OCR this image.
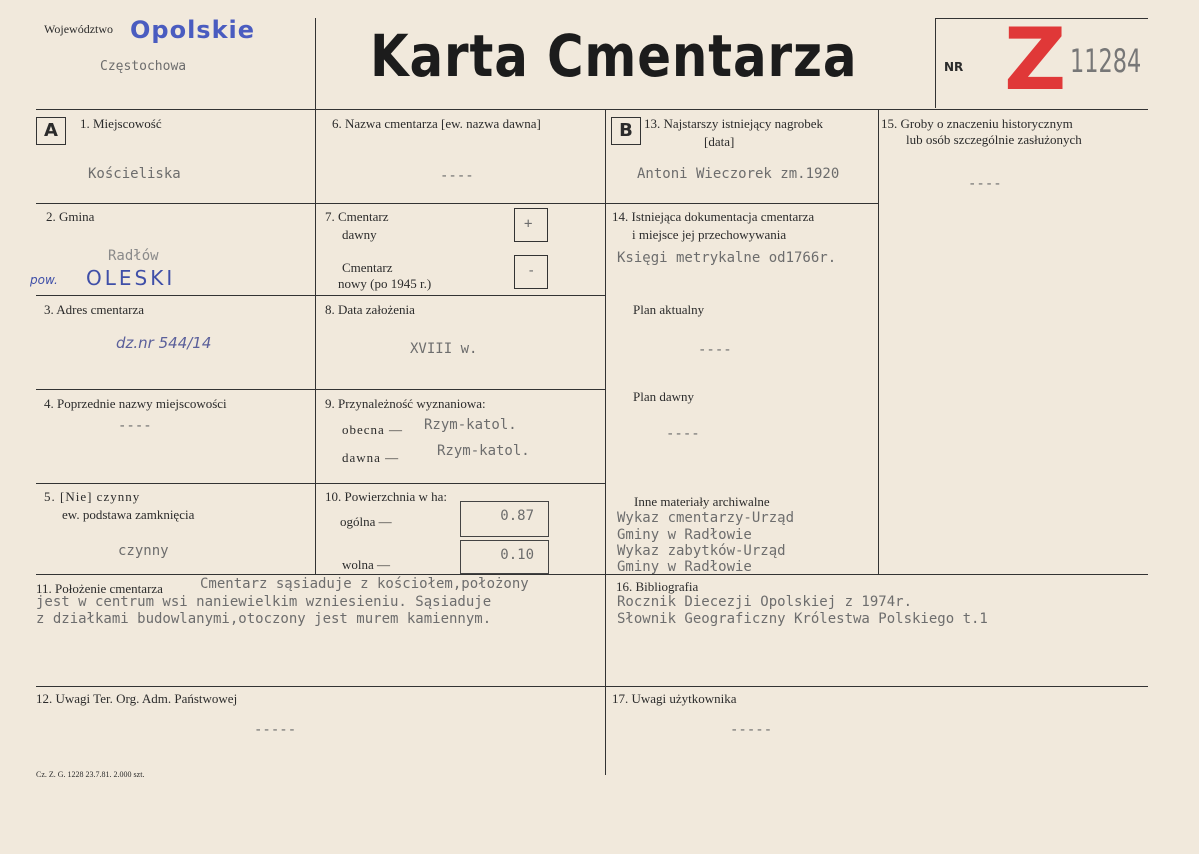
Województwo Opolskie
Częstochowa	Karta Cmentarza	NR Z 11284
A	B
1. Miejscowość
Kościeliska
2. Gmina
Radłów
pow. OLESKI
3. Adres cmentarza
dz.nr 544/14
4. Poprzednie nazwy miejscowości
----
5. [Nie] czynny
ew. podstawa zamknięcia
czynny
6. Nazwa cmentarza [ew. nazwa dawna]
----
7. Cmentarz
dawny
+
Cmentarz
nowy (po 1945 r.)
-
8. Data założenia
XVIII w.
9. Przynależność wyznaniowa:
obecna — Rzym-katol.
dawna —	Rzym-katol.
10. Powierzchnia w ha:
ogólna —	0.87
wolna —
0.10
11. Położenie cmentarza	Cmentarz sąsiaduje z kościołem,położony
jest w centrum wsi naniewielkim wzniesieniu. Sąsiaduje
z działkami budowlanymi,otoczony jest murem kamiennym.
12. Uwagi Ter. Org. Adm. Państwowej
-----
13. Najstarszy istniejący nagrobek
[data]
Antoni Wieczorek zm.1920
14. Istniejąca dokumentacja cmentarza
i miejsce jej przechowywania
Księgi metrykalne od1766r.
Plan aktualny
----
Plan dawny
----
Inne materiały archiwalne
Wykaz cmentarzy-Urząd
Gminy w Radłowie
Wykaz zabytków-Urząd
Gminy w Radłowie
15. Groby o znaczeniu historycznym
lub osób szczególnie zasłużonych
----
16. Bibliografia
Rocznik Diecezji Opolskiej z 1974r.
Słownik Geograficzny Królestwa Polskiego t.1
17. Uwagi użytkownika
-----
Cz. Z. G. 1228 23.7.81. 2.000 szt.
